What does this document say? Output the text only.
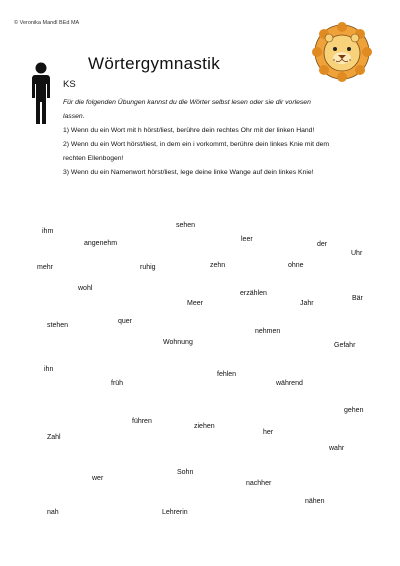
© Veronika Mandl BEd MA
Wörtergymnastik
KS

Für die folgenden Übungen kannst du die Wörter selbst lesen oder sie dir vorlesen lassen.

1) Wenn du ein Wort mit h hörst/liest, berühre dein rechtes Ohr mit der linken Hand!

2) Wenn du ein Wort hörst/liest, in dem ein i vorkommt, berühre dein linkes Knie mit dem rechten Ellenbogen!

3) Wenn du ein Namenwort hörst/liest, lege deine linke Wange auf dein linkes Knie!

sehen
ihm
leer
angenehm	der
Uhr
mehr	ruhig	zehn	ohne
wohl
erzählen
Bär
Meer	Jahr
quer
stehen
nehmen
Wohnung	Gefahr
ihn
fehlen
früh	während
gehen
führen
ziehen
Zahl
her
wahr
Sohn
wer
nachher
nähen
nah	Lehrerin
